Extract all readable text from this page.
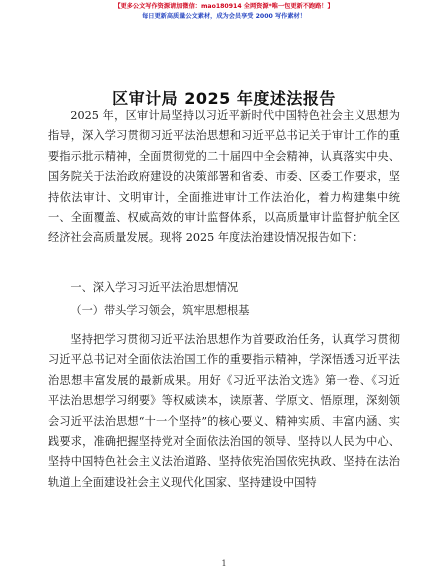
【更多公文写作资源请加微信：mao180914 全网资源*唯一包更新不跑路！】
每日更新高质量公文素材，成为会员享受 2000 写作素材！
区审计局 2025 年度述法报告

2025 年，区审计局坚持以习近平新时代中国特色社会主义思想为指导，深入学习贯彻习近平法治思想和习近平总书记关于审计工作的重要指示批示精神，全面贯彻党的二十届四中全会精神，认真落实中央、国务院关于法治政府建设的决策部署和省委、市委、区委工作要求，坚持依法审计、文明审计，全面推进审计工作法治化，着力构建集中统一、全面覆盖、权威高效的审计监督体系，以高质量审计监督护航全区经济社会高质量发展。现将 2025 年度法治建设情况报告如下：

一、深入学习习近平法治思想情况
（一）带头学习领会，筑牢思想根基

坚持把学习贯彻习近平法治思想作为首要政治任务，认真学习贯彻习近平总书记对全面依法治国工作的重要指示精神，学深悟透习近平法治思想丰富发展的最新成果。用好《习近平法治文选》第一卷、《习近平法治思想学习纲要》等权威读本，读原著、学原文、悟原理，深刻领会习近平法治思想“十一个坚持”的核心要义、精神实质、丰富内涵、实践要求，准确把握坚持党对全面依法治国的领导、坚持以人民为中心、坚持中国特色社会主义法治道路、坚持依宪治国依宪执政、坚持在法治轨道上全面建设社会主义现代化国家、坚持建设中国特

1
